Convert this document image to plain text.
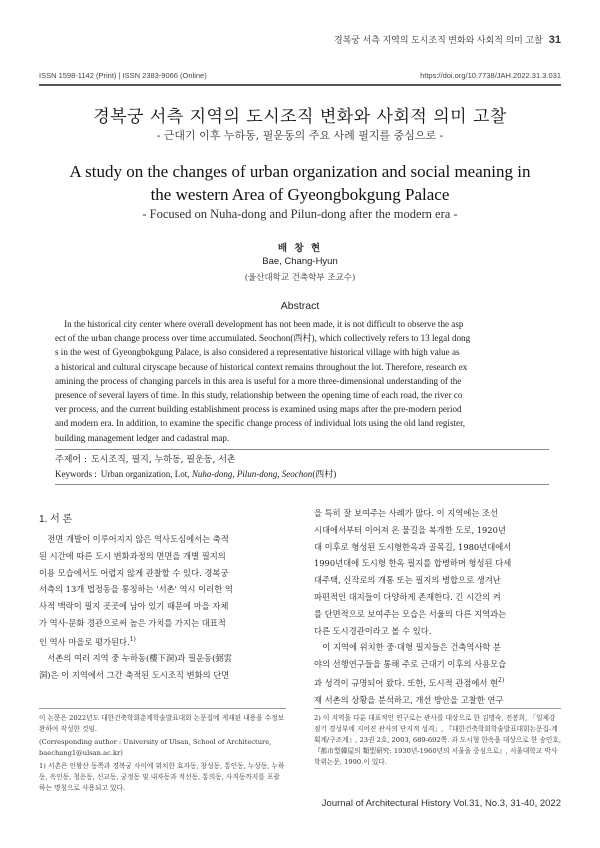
경복궁 서측 지역의 도시조직 변화와 사회적 의미 고찰 31
ISSN 1598-1142 (Print) | ISSN 2383-9066 (Online)	https://doi.org/10.7738/JAH.2022.31.3.031
경복궁 서측 지역의 도시조직 변화와 사회적 의미 고찰
- 근대기 이후 누하동, 필운동의 주요 사례 필지를 중심으로 -
A study on the changes of urban organization and social meaning in the western Area of Gyeongbokgung Palace
- Focused on Nuha-dong and Pilun-dong after the modern era -
배 창 현
Bae, Chang-Hyun
(울산대학교 건축학부 조교수)
Abstract
In the historical city center where overall development has not been made, it is not difficult to observe the asp
ect of the urban change process over time accumulated. Seochon(西村), which collectively refers to 13 legal dong
s in the west of Gyeongbokgung Palace, is also considered a representative historical village with high value as
a historical and cultural cityscape because of historical context remains throughout the lot. Therefore, research ex
amining the process of changing parcels in this area is useful for a more three-dimensional understanding of the
presence of several layers of time. In this study, relationship between the opening time of each road, the river co
ver process, and the current building establishment process is examined using maps after the pre-modern period
and modern era. In addition, to examine the specific change process of individual lots using the old land register,
building management ledger and cadastral map.
주제어 : 도시조직, 필지, 누하동, 필운동, 서촌
Keywords : Urban organization, Lot, Nuha-dong, Pilun-dong, Seochon(西村)
1. 서 론
전면 개발이 이루어지지 않은 역사도심에서는 축적
된 시간에 따른 도시 변화과정의 면면을 개별 필지의
이용 모습에서도 어렵지 않게 관찰할 수 있다. 경복궁
서측의 13개 법정동을 통칭하는 '서촌' 역시 이러한 역
사적 맥락이 필지 곳곳에 남아 있기 때문에 마을 자체
가 역사·문화 경관으로써 높은 가치를 가지는 대표적
인 역사 마을로 평가된다.$^{1)}$
서촌의 여러 지역 중 누하동(樓下洞)과 필운동(弼雲
洞)은 이 지역에서 그간 축적된 도시조직 변화의 단면

이 논문은 2022년도 대한건축학회춘계학술발표대회 논문집에 게재된 내용을 수정보완하여 작성한 것임.

(Corresponding author : University of Ulsan, School of Architecture, baechang1@ulsan.ac.kr)

1) 서촌은 인왕산 동쪽과 경복궁 사이에 위치한 효자동, 창성동, 통인동, 누상동, 누하동, 옥인동, 청운동, 신교동, 궁정동 및 내자동과 적선동, 통의동, 사직동까지를 포괄하는 명칭으로 사용되고 있다.

을 특히 잘 보여주는 사례가 많다. 이 지역에는 조선
시대에서부터 이어져 온 물길을 복개한 도로, 1920년
대 이후로 형성된 도시형한옥과 골목길, 1980년대에서
1990년대에 도시형 한옥 필지를 합병하며 형성된 다세
대주택, 신작로의 개통 또는 필지의 병합으로 생겨난
파편적인 대지들이 다양하게 존재한다. 긴 시간의 켜
를 단면적으로 보여주는 모습은 서울의 다른 지역과는
다른 도시경관이라고 볼 수 있다.
이 지역에 위치한 중·대형 필지들은 건축역사학 분
야의 선행연구들을 통해 주로 근대기 이후의 사용모습
과 성격이 규명되어 왔다. 또한, 도시적 관점에서 현$^{2)}$
재 서촌의 상황을 분석하고, 개선 방안을 고찰한 연구

2) 이 지역을 다룬 대표적인 연구로는 관사를 대상으로 한 김명숙, 전봉희, 「일제강점기 경성부에 지어진 관사의 단지적 성격」, 『대한건축학회학술발표대회논문집-계획계/구조계』, 23권 2호, 2003, 689-692쪽. 과 도시형 한옥을 대상으로 한 송인호, 『都市型韓屋의 類型研究: 1930년-1960년의 서울을 중심으로』, 서울대학교 박사학위논문, 1990.이 있다.

Journal of Architectural History Vol.31, No.3, 31-40, 2022
